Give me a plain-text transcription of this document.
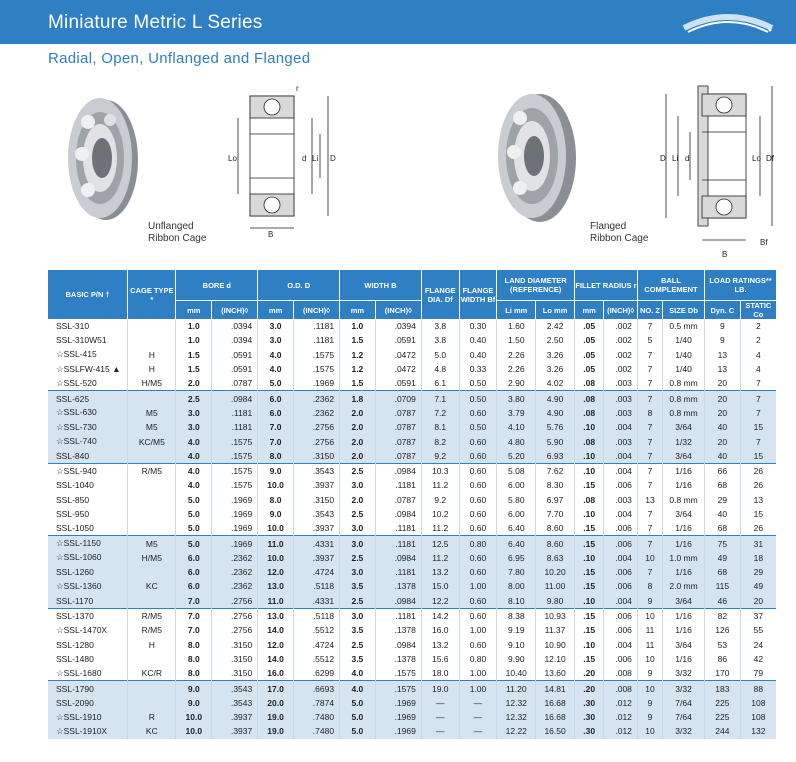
Miniature Metric L Series
Radial, Open, Unflanged and Flanged
Unflanged
Ribbon Cage
r
Lo	d Li D
B
Flanged
Ribbon Cage
D Li d	Lo Df
Bf
B
BASIC P/N †	CAGE TYPE *	BORE d		O.D. D		WIDTH B		FLANGE DIA. Df	FLANGE WIDTH Bf	LAND DIAMETER (REFERENCE)		FILLET RADIUS r		BALL COMPLEMENT		LOAD RATINGS** LB.	
		mm	(INCH)◊	mm	(INCH)◊	mm	(INCH)◊			Li mm	Lo mm	mm	(INCH)◊	NO. Z	SIZE Db	Dyn. C	STATIC Co
SSL-310		1.0	.0394	3.0	.1181	1.0	.0394	3.8	0.30	1.60	2.42	.05	.002	7	0.5 mm	9	2
SSL-310W51		1.0	.0394	3.0	.1181	1.5	.0591	3.8	0.40	1.50	2.50	.05	.002	5	1/40	9	2
☆SSL-415	H	1.5	.0591	4.0	.1575	1.2	.0472	5.0	0.40	2.26	3.26	.05	.002	7	1/40	13	4
☆SSLFW-415 ▲	H	1.5	.0591	4.0	.1575	1.2	.0472	4.8	0.33	2.26	3.26	.05	.002	7	1/40	13	4
☆SSL-520	H/M5	2.0	.0787	5.0	.1969	1.5	.0591	6.1	0.50	2.90	4.02	.08	.003	7	0.8 mm	20	7
SSL-625		2.5	.0984	6.0	.2362	1.8	.0709	7.1	0.50	3.80	4.90	.08	.003	7	0.8 mm	20	7
☆SSL-630	M5	3.0	.1181	6.0	.2362	2.0	.0787	7.2	0.60	3.79	4.90	.08	.003	8	0.8 mm	20	7
☆SSL-730	M5	3.0	.1181	7.0	.2756	2.0	.0787	8.1	0.50	4.10	5.76	.10	.004	7	3/64	40	15
☆SSL-740	KC/M5	4.0	.1575	7.0	.2756	2.0	.0787	8.2	0.60	4.80	5.90	.08	.003	7	1/32	20	7
SSL-840		4.0	.1575	8.0	.3150	2.0	.0787	9.2	0.60	5.20	6.93	.10	.004	7	3/64	40	15
☆SSL-940	R/M5	4.0	.1575	9.0	.3543	2.5	.0984	10.3	0.60	5.08	7.62	.10	.004	7	1/16	66	26
SSL-1040		4.0	.1575	10.0	.3937	3.0	.1181	11.2	0.60	6.00	8.30	.15	.006	7	1/16	68	26
SSL-850		5.0	.1969	8.0	.3150	2.0	.0787	9.2	0.60	5.80	6.97	.08	.003	13	0.8 mm	29	13
SSL-950		5.0	.1969	9.0	.3543	2.5	.0984	10.2	0.60	6.00	7.70	.10	.004	7	3/64	40	15
SSL-1050		5.0	.1969	10.0	.3937	3.0	.1181	11.2	0.60	6.40	8.60	.15	.006	7	1/16	68	26
☆SSL-1150	M5	5.0	.1969	11.0	.4331	3.0	.1181	12.5	0.80	6.40	8.60	.15	.006	7	1/16	75	31
☆SSL-1060	H/M5	6.0	.2362	10.0	.3937	2.5	.0984	11.2	0.60	6.95	8.63	.10	.004	10	1.0 mm	49	18
SSL-1260		6.0	.2362	12.0	.4724	3.0	.1181	13.2	0.60	7.80	10.20	.15	.006	7	1/16	68	29
☆SSL-1360	KC	6.0	.2362	13.0	.5118	3.5	.1378	15.0	1.00	8.00	11.00	.15	.006	8	2.0 mm	115	49
SSL-1170		7.0	.2756	11.0	.4331	2.5	.0984	12.2	0.60	8.10	9.80	.10	.004	9	3/64	46	20
SSL-1370	R/M5	7.0	.2756	13.0	.5118	3.0	.1181	14.2	0.60	8.38	10.93	.15	.006	10	1/16	82	37
☆SSL-1470X	R/M5	7.0	.2756	14.0	.5512	3.5	.1378	16.0	1.00	9.19	11.37	.15	.006	11	1/16	126	55
SSL-1280	H	8.0	.3150	12.0	.4724	2.5	.0984	13.2	0.60	9.10	10.90	.10	.004	11	3/64	53	24
SSL-1480		8.0	.3150	14.0	.5512	3.5	.1378	15.6	0.80	9.90	12.10	.15	.006	10	1/16	86	42
☆SSL-1680	KC/R	8.0	.3150	16.0	.6299	4.0	.1575	18.0	1.00	10.40	13.60	.20	.008	9	3/32	170	79
SSL-1790		9.0	.3543	17.0	.6693	4.0	.1575	19.0	1.00	11.20	14.81	.20	.008	10	3/32	183	88
SSL-2090		9.0	.3543	20.0	.7874	5.0	.1969	—	—	12.32	16.68	.30	.012	9	7/64	225	108
☆SSL-1910	R	10.0	.3937	19.0	.7480	5.0	.1969	—	—	12.32	16.68	.30	.012	9	7/64	225	108
☆SSL-1910X	KC	10.0	.3937	19.0	.7480	5.0	.1969	—	—	12.22	16.50	.30	.012	10	3/32	244	132
